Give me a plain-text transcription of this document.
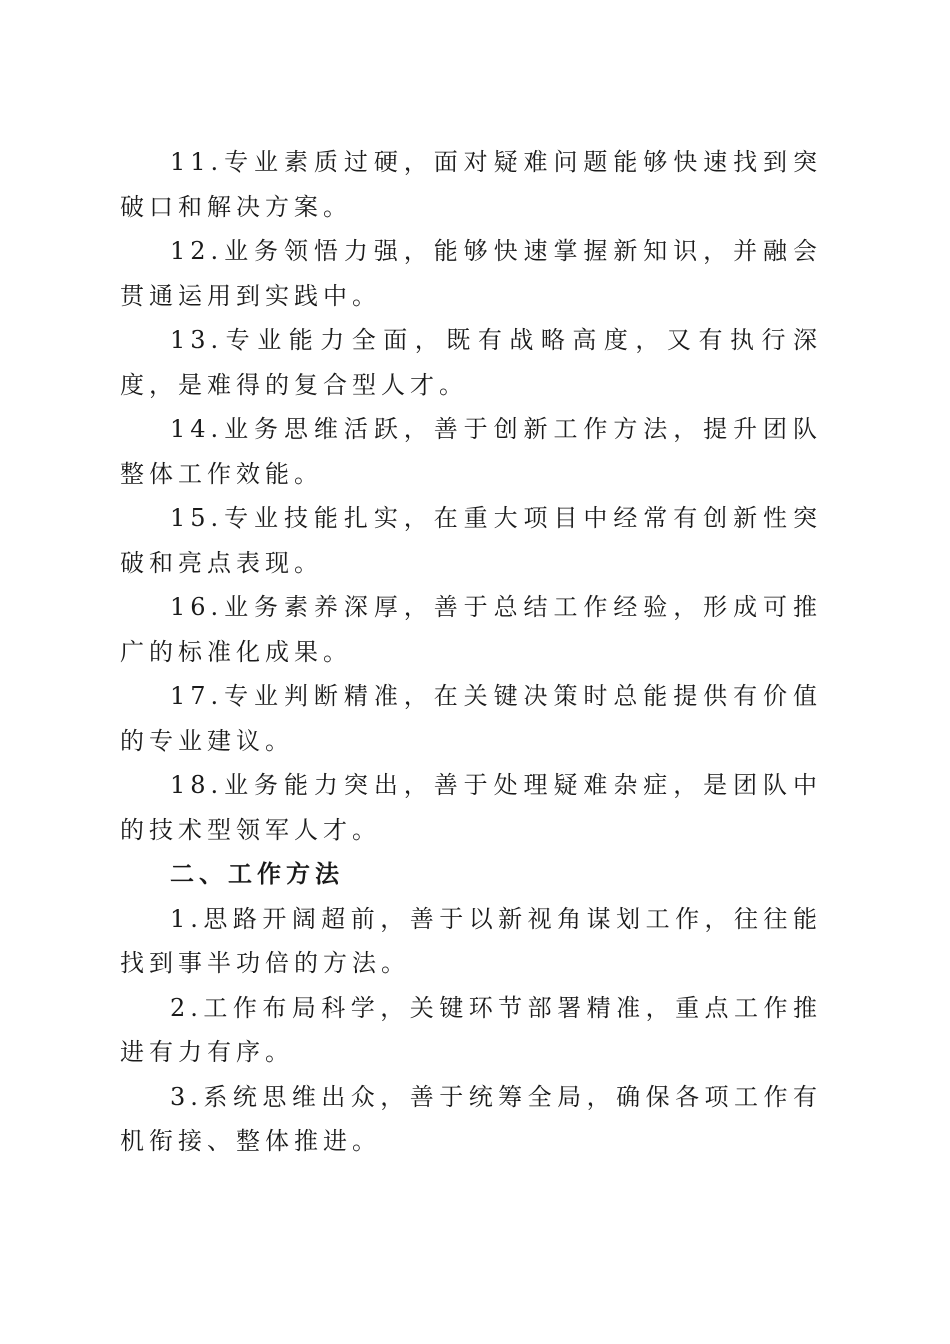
11.专业素质过硬，面对疑难问题能够快速找到突破口和解决方案。

12.业务领悟力强，能够快速掌握新知识，并融会贯通运用到实践中。

13.专业能力全面，既有战略高度，又有执行深度，是难得的复合型人才。

14.业务思维活跃，善于创新工作方法，提升团队整体工作效能。

15.专业技能扎实，在重大项目中经常有创新性突破和亮点表现。

16.业务素养深厚，善于总结工作经验，形成可推广的标准化成果。

17.专业判断精准，在关键决策时总能提供有价值的专业建议。

18.业务能力突出，善于处理疑难杂症，是团队中的技术型领军人才。

二、工作方法

1.思路开阔超前，善于以新视角谋划工作，往往能找到事半功倍的方法。

2.工作布局科学，关键环节部署精准，重点工作推进有力有序。

3.系统思维出众，善于统筹全局，确保各项工作有机衔接、整体推进。
